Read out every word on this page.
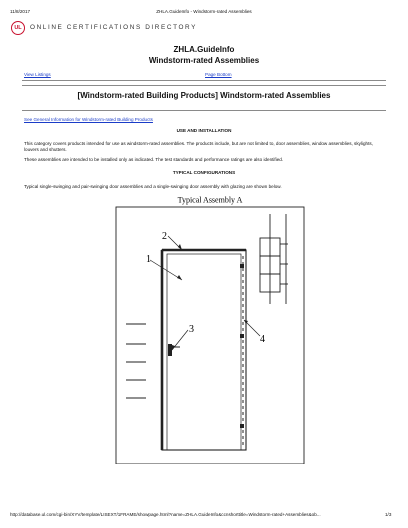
11/8/2017	ZHLA.GuideInfo - Windstorm-rated Assemblies
UL ONLINE CERTIFICATIONS DIRECTORY
ZHLA.GuideInfo
Windstorm-rated Assemblies
View Listings	Page Bottom
[Windstorm-rated Building Products] Windstorm-rated Assemblies
See General Information for Windstorm-rated Building Products
USE AND INSTALLATION
This category covers products intended for use as windstorm-rated assemblies. The products include, but are not limited to, door assemblies, window assemblies, skylights, louvers and shutters.
These assemblies are intended to be installed only as indicated. The test standards and performance ratings are also identified.
TYPICAL CONFIGURATIONS
Typical single-swinging and pair-swinging door assemblies and a single-swinging door assembly with glazing are shown below.
Typical Assembly A
1
2
3
4
http://database.ul.com/cgi-bin/XYV/template/LISEXT/1FRAME/showpage.html?name=ZHLA.GuideInfo&ccnshorttitle=Windstorm-rated+Assemblies&ob...	1/3
